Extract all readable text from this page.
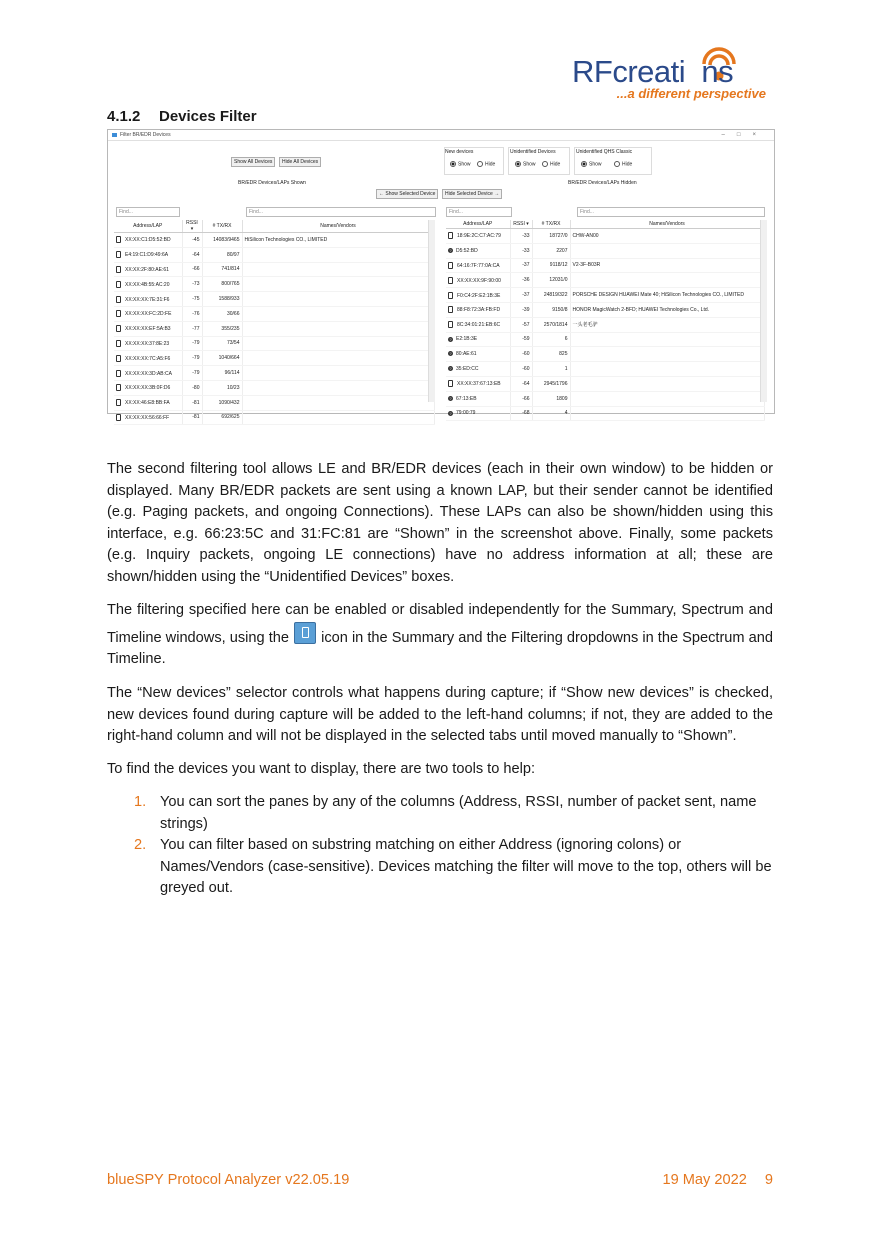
RFcreati  ns
...a different perspective
4.1.2 Devices Filter
Filter BR/EDR Devices	–□×
Show All Devices	Hide All Devices
New devices
Show	Hide
Unidentified Devices
Show	Hide
Unidentified QHS Classic
Show	Hide
BR/EDR Devices/LAPs Shown	BR/EDR Devices/LAPs Hidden
← Show Selected Device	Hide Selected Device →
Find...	Find...	Find...	Find...
Address/LAP	RSSI ▾	# TX/RX	Names/Vendors
XX:XX:C1:D5:52:BD	-45	14083/9465	HiSilicon Technologies CO., LIMITED
E4:19:C1:D9:49:6A	-64	80/97	
XX:XX:2F:80:AE:61	-66	741/814	
XX:XX:4B:55:AC:20	-73	800/765	
XX:XX:XX:7E:31:F6	-75	1588/933	
XX:XX:XX:FC:2D:FE	-76	30/66	
XX:XX:XX:EF:5A:B3	-77	355/235	
XX:XX:XX:37:8E:23	-79	73/54	
XX:XX:XX:7C:A5:F6	-79	1040/664	
XX:XX:XX:3D:AB:CA	-79	96/114	
XX:XX:XX:3B:0F:D6	-80	10/23	
XX:XX:46:E8:BB:FA	-81	1090/432	
XX:XX:XX:56:66:FF	-81	692/625	
Address/LAP	RSSI ▾	# TX/RX	Names/Vendors
18:9E:2C:C7:AC:79	-33	18727/0	CHW-AN00
? D5:52:BD	-33	2207	
64:16:7F:77:0A:CA	-37	9118/12	V2-3F-B03R
XX:XX:XX:9F:90:00	-36	12031/0	
F0:C4:2F:E2:1B:3E	-37	24819/322	PORSCHE DESIGN HUAWEI Mate 40; HiSilicon Technologies CO., LIMITED
88:F8:72:3A:FB:FD	-39	9150/8	HONOR MagicWatch 2-BFD; HUAWEI Technologies Co., Ltd.
8C:34:01:21:EB:6C	-57	2570/1814	一头老毛驴
? E2:1B:3E	-59	6	
? 80:AE:61	-60	825	
? 35:ED:CC	-60	1	
XX:XX:37:67:13:EB	-64	2945/1796	
? 67:13:EB	-66	1809	
? 79:00:79	-68	4	
The second filtering tool allows LE and BR/EDR devices (each in their own window) to be hidden or displayed. Many BR/EDR packets are sent using a known LAP, but their sender cannot be identified (e.g. Paging packets, and ongoing Connections). These LAPs can also be shown/hidden using this interface, e.g. 66:23:5C and 31:FC:81 are “Shown” in the screenshot above. Finally, some packets (e.g. Inquiry packets, ongoing LE connections) have no address information at all; these are shown/hidden using the “Unidentified Devices” boxes.
The filtering specified here can be enabled or disabled independently for the Summary, Spectrum and Timeline windows, using the icon in the Summary and the Filtering dropdowns in the Spectrum and Timeline.
The “New devices” selector controls what happens during capture; if “Show new devices” is checked, new devices found during capture will be added to the left-hand columns; if not, they are added to the right-hand column and will not be displayed in the selected tabs until moved manually to “Shown”.
To find the devices you want to display, there are two tools to help:
1. You can sort the panes by any of the columns (Address, RSSI, number of packet sent, name strings)
2. You can filter based on substring matching on either Address (ignoring colons) or Names/Vendors (case-sensitive). Devices matching the filter will move to the top, others will be greyed out.
blueSPY Protocol Analyzer v22.05.19	19 May 2022 9
